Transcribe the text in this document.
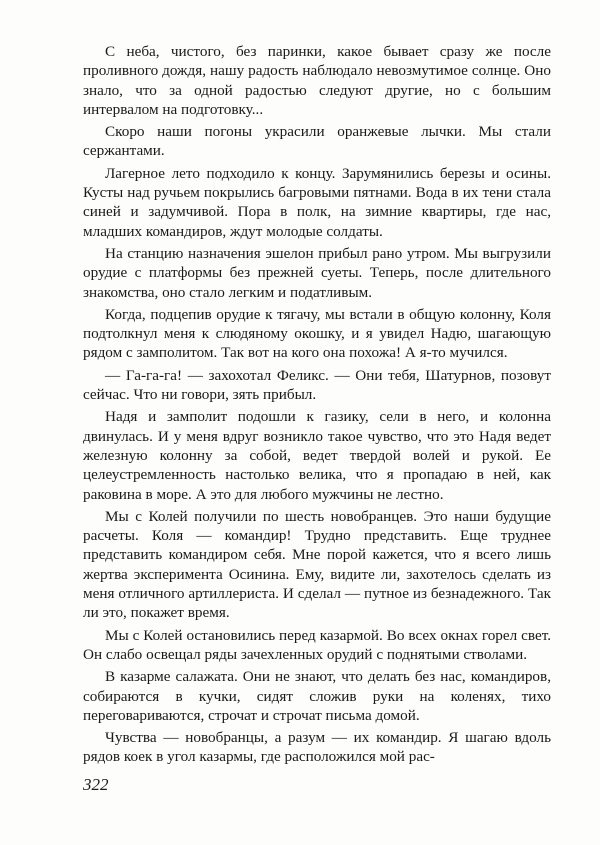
С неба, чистого, без паринки, какое бывает сразу же после проливного дождя, нашу радость наблюдало невозмутимое солнце. Оно знало, что за одной радостью следуют другие, но с большим интервалом на подготовку...

Скоро наши погоны украсили оранжевые лычки. Мы стали сержантами.

Лагерное лето подходило к концу. Зарумянились березы и осины. Кусты над ручьем покрылись багровыми пятнами. Вода в их тени стала синей и задумчивой. Пора в полк, на зимние квартиры, где нас, младших командиров, ждут молодые солдаты.

На станцию назначения эшелон прибыл рано утром. Мы выгрузили орудие с платформы без прежней суеты. Теперь, после длительного знакомства, оно стало легким и податливым.

Когда, подцепив орудие к тягачу, мы встали в общую колонну, Коля подтолкнул меня к слюдяному окошку, и я увидел Надю, шагающую рядом с замполитом. Так вот на кого она похожа! А я-то мучился.

— Га-га-га! — захохотал Феликс. — Они тебя, Шатурнов, позовут сейчас. Что ни говори, зять прибыл.

Надя и замполит подошли к газику, сели в него, и колонна двинулась. И у меня вдруг возникло такое чувство, что это Надя ведет железную колонну за собой, ведет твердой волей и рукой. Ее целеустремленность настолько велика, что я пропадаю в ней, как раковина в море. А это для любого мужчины не лестно.

Мы с Колей получили по шесть новобранцев. Это наши будущие расчеты. Коля — командир! Трудно представить. Еще труднее представить командиром себя. Мне порой кажется, что я всего лишь жертва эксперимента Осинина. Ему, видите ли, захотелось сделать из меня отличного артиллериста. И сделал — путное из безнадежного. Так ли это, покажет время.

Мы с Колей остановились перед казармой. Во всех окнах горел свет. Он слабо освещал ряды зачехленных орудий с поднятыми стволами.

В казарме салажата. Они не знают, что делать без нас, командиров, собираются в кучки, сидят сложив руки на коленях, тихо переговариваются, строчат и строчат письма домой.

Чувства — новобранцы, а разум — их командир. Я шагаю вдоль рядов коек в угол казармы, где расположился мой рас-

322
